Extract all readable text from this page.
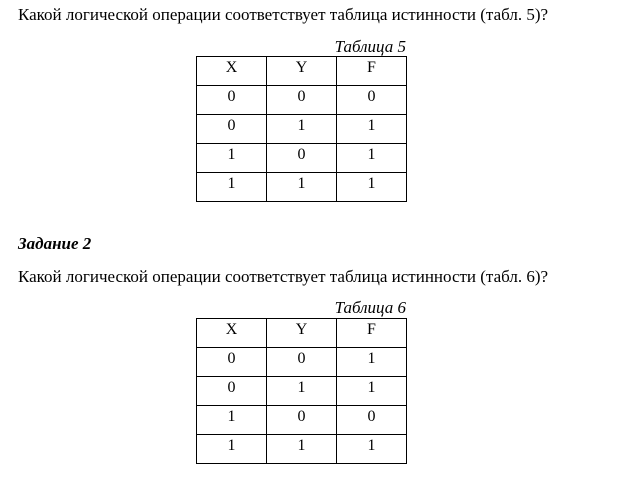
Какой логической операции соответствует таблица истинности (табл. 5)?
Таблица 5
X	Y	F
0	0	0
0	1	1
1	0	1
1	1	1
Задание 2
Какой логической операции соответствует таблица истинности (табл. 6)?
Таблица 6
X	Y	F
0	0	1
0	1	1
1	0	0
1	1	1
